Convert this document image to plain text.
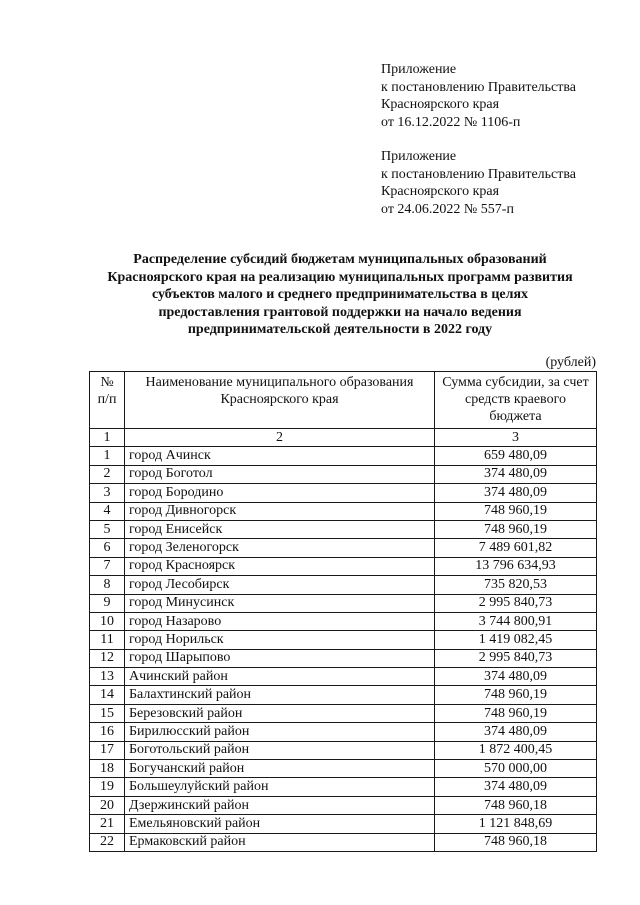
Приложение
к постановлению Правительства
Красноярского края
от 16.12.2022 № 1106-п
Приложение
к постановлению Правительства
Красноярского края
от 24.06.2022 № 557-п
Распределение субсидий бюджетам муниципальных образований
Красноярского края на реализацию муниципальных программ развития
субъектов малого и среднего предпринимательства в целях
предоставления грантовой поддержки на начало ведения
предпринимательской деятельности в 2022 году
(рублей)
№ п/п	Наименование муниципального образования Красноярского края	Сумма субсидии, за счет средств краевого бюджета
1	2	3
1	город Ачинск	659 480,09
2	город Боготол	374 480,09
3	город Бородино	374 480,09
4	город Дивногорск	748 960,19
5	город Енисейск	748 960,19
6	город Зеленогорск	7 489 601,82
7	город Красноярск	13 796 634,93
8	город Лесобирск	735 820,53
9	город Минусинск	2 995 840,73
10	город Назарово	3 744 800,91
11	город Норильск	1 419 082,45
12	город Шарыпово	2 995 840,73
13	Ачинский район	374 480,09
14	Балахтинский район	748 960,19
15	Березовский район	748 960,19
16	Бирилюсский район	374 480,09
17	Боготольский район	1 872 400,45
18	Богучанский район	570 000,00
19	Большеулуйский район	374 480,09
20	Дзержинский район	748 960,18
21	Емельяновский район	1 121 848,69
22	Ермаковский район	748 960,18
